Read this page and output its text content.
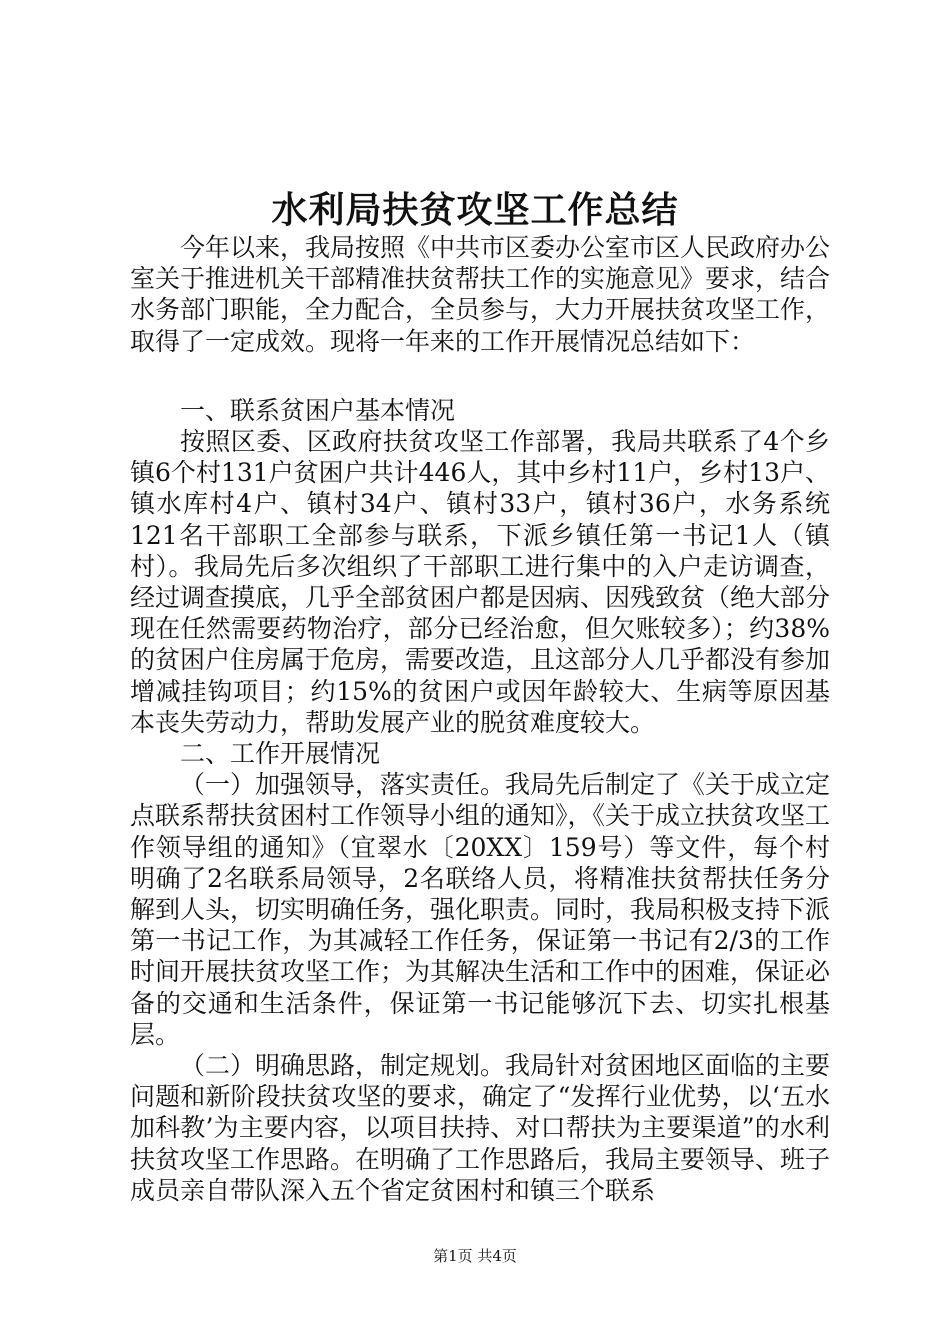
水利局扶贫攻坚工作总结

今年以来，我局按照《中共市区委办公室市区人民政府办公室关于推进机关干部精准扶贫帮扶工作的实施意见》要求，结合水务部门职能，全力配合，全员参与，大力开展扶贫攻坚工作，取得了一定成效。现将一年来的工作开展情况总结如下：

一、联系贫困户基本情况

按照区委、区政府扶贫攻坚工作部署，我局共联系了4个乡镇6个村131户贫困户共计446人，其中乡村11户，乡村13户、镇水库村4户、镇村34户、镇村33户，镇村36户，水务系统121名干部职工全部参与联系，下派乡镇任第一书记1人（镇村）。我局先后多次组织了干部职工进行集中的入户走访调查，经过调查摸底，几乎全部贫困户都是因病、因残致贫（绝大部分现在任然需要药物治疗，部分已经治愈，但欠账较多）；约38%的贫困户住房属于危房，需要改造，且这部分人几乎都没有参加增减挂钩项目；约15%的贫困户或因年龄较大、生病等原因基本丧失劳动力，帮助发展产业的脱贫难度较大。

二、工作开展情况

（一）加强领导，落实责任。我局先后制定了《关于成立定点联系帮扶贫困村工作领导小组的通知》，《关于成立扶贫攻坚工作领导组的通知》（宜翠水〔20XX〕159号）等文件，每个村明确了2名联系局领导，2名联络人员，将精准扶贫帮扶任务分解到人头，切实明确任务，强化职责。同时，我局积极支持下派第一书记工作，为其减轻工作任务，保证第一书记有2/3的工作时间开展扶贫攻坚工作；为其解决生活和工作中的困难，保证必备的交通和生活条件，保证第一书记能够沉下去、切实扎根基层。

（二）明确思路，制定规划。我局针对贫困地区面临的主要问题和新阶段扶贫攻坚的要求，确定了“发挥行业优势，以‘五水加科教’为主要内容，以项目扶持、对口帮扶为主要渠道”的水利扶贫攻坚工作思路。在明确了工作思路后，我局主要领导、班子成员亲自带队深入五个省定贫困村和镇三个联系

第1页 共4页
